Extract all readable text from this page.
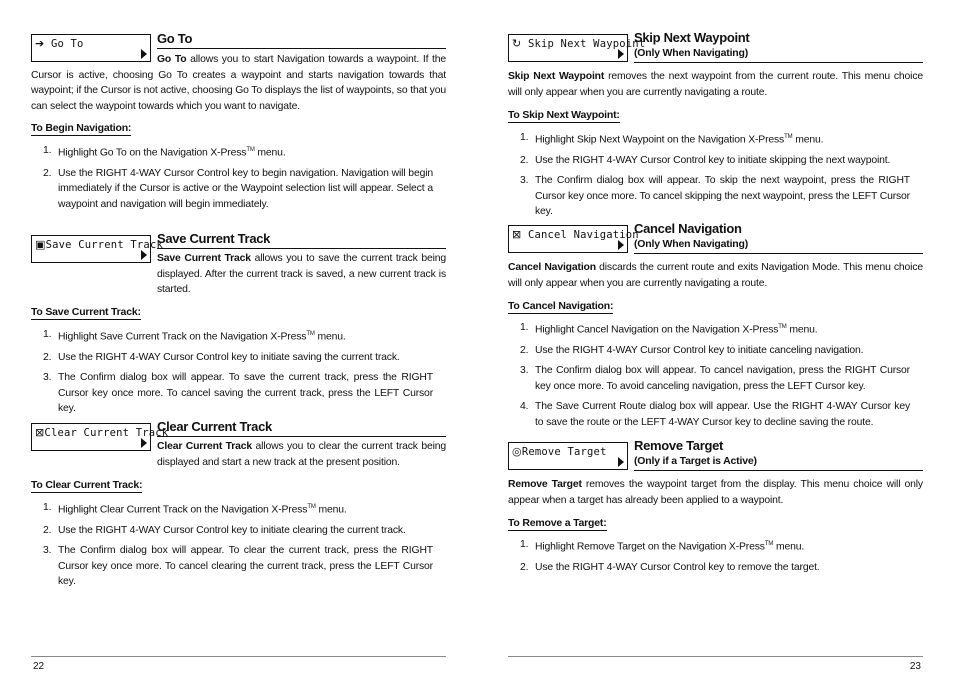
➔ Go To	Go To
Go To allows you to start Navigation towards a waypoint. If the Cursor is active, choosing Go To creates a waypoint and starts navigation towards that waypoint; if the Cursor is not active, choosing Go To displays the list of waypoints, so that you can select the waypoint towards which you want to navigate.
To Begin Navigation:
1. Highlight Go To on the Navigation X-Press™ menu.
2. Use the RIGHT 4-WAY Cursor Control key to begin navigation. Navigation will begin immediately if the Cursor is active or the Waypoint selection list will appear. Select a waypoint and navigation will begin immediately.
▣Save Current Track
Save Current Track
Save Current Track allows you to save the current track being displayed. After the current track is saved, a new current track is started.
To Save Current Track:
1. Highlight Save Current Track on the Navigation X-Press™ menu.
2. Use the RIGHT 4-WAY Cursor Control key to initiate saving the current track.
3. The Confirm dialog box will appear. To save the current track, press the RIGHT Cursor key once more. To cancel saving the current track, press the LEFT Cursor key.
⊠Clear Current Track
Clear Current Track
Clear Current Track allows you to clear the current track being displayed and start a new track at the present position.
To Clear Current Track:
1. Highlight Clear Current Track on the Navigation X-Press™ menu.
2. Use the RIGHT 4-WAY Cursor Control key to initiate clearing the current track.
3. The Confirm dialog box will appear. To clear the current track, press the RIGHT Cursor key once more. To cancel clearing the current track, press the LEFT Cursor key.
22
↻ Skip Next Waypoint
Skip Next Waypoint
(Only When Navigating)
Skip Next Waypoint removes the next waypoint from the current route. This menu choice will only appear when you are currently navigating a route.
To Skip Next Waypoint:
1. Highlight Skip Next Waypoint on the Navigation X-Press™ menu.
2. Use the RIGHT 4-WAY Cursor Control key to initiate skipping the next waypoint.
3. The Confirm dialog box will appear. To skip the next waypoint, press the RIGHT Cursor key once more. To cancel skipping the next waypoint, press the LEFT Cursor key.
⊠ Cancel Navigation
Cancel Navigation
(Only When Navigating)
Cancel Navigation discards the current route and exits Navigation Mode. This menu choice will only appear when you are currently navigating a route.
To Cancel Navigation:
1. Highlight Cancel Navigation on the Navigation X-Press™ menu.
2. Use the RIGHT 4-WAY Cursor Control key to initiate canceling navigation.
3. The Confirm dialog box will appear. To cancel navigation, press the RIGHT Cursor key once more. To avoid canceling navigation, press the LEFT Cursor key.
4. The Save Current Route dialog box will appear. Use the RIGHT 4-WAY Cursor key to save the route or the LEFT 4-WAY Cursor key to decline saving the route.
◎Remove Target Remove Target
(Only if a Target is Active)
Remove Target removes the waypoint target from the display. This menu choice will only appear when a target has already been applied to a waypoint.
To Remove a Target:
1. Highlight Remove Target on the Navigation X-Press™ menu.
2. Use the RIGHT 4-WAY Cursor Control key to remove the target.
23
